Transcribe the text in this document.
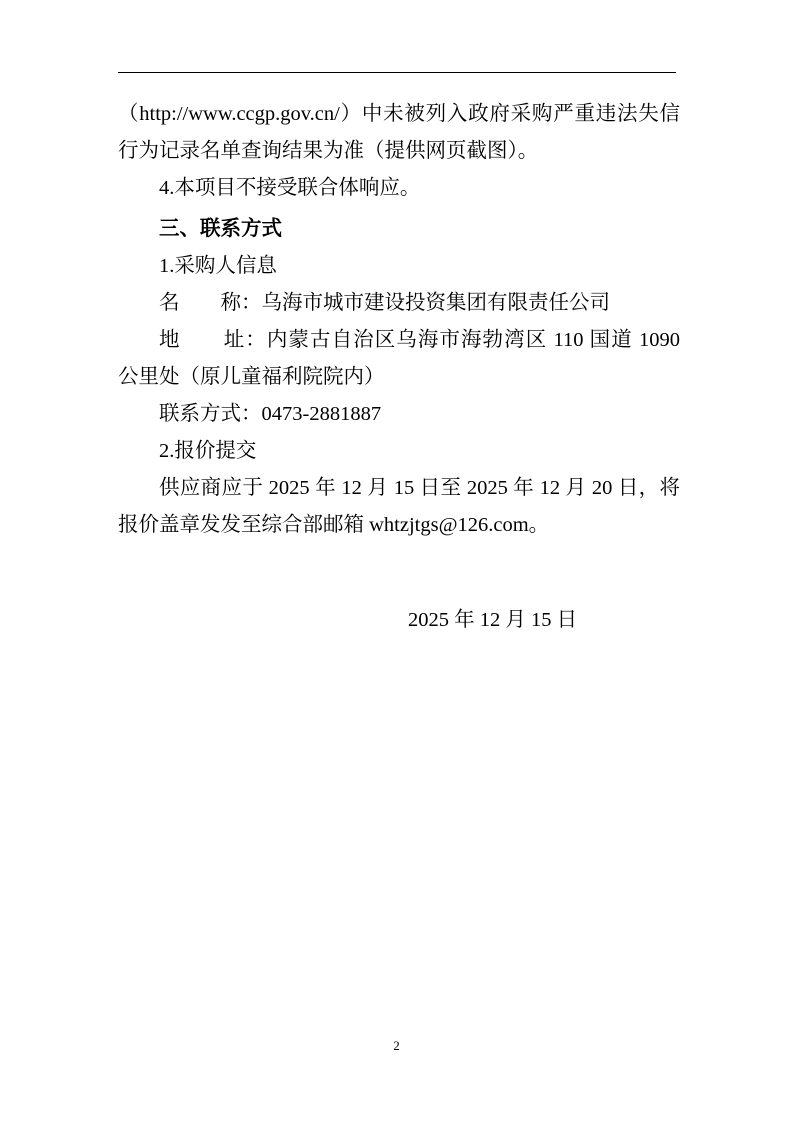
（http://www.ccgp.gov.cn/）中未被列入政府采购严重违法失信行为记录名单查询结果为准（提供网页截图）。

4.本项目不接受联合体响应。

三、联系方式

1.采购人信息

名　　称：乌海市城市建设投资集团有限责任公司

地　　址：内蒙古自治区乌海市海勃湾区 110 国道 1090 公里处（原儿童福利院院内）

联系方式：0473-2881887

2.报价提交

供应商应于 2025 年 12 月 15 日至 2025 年 12 月 20 日，将报价盖章发发至综合部邮箱 whtzjtgs@126.com。

2025 年 12 月 15 日

2
